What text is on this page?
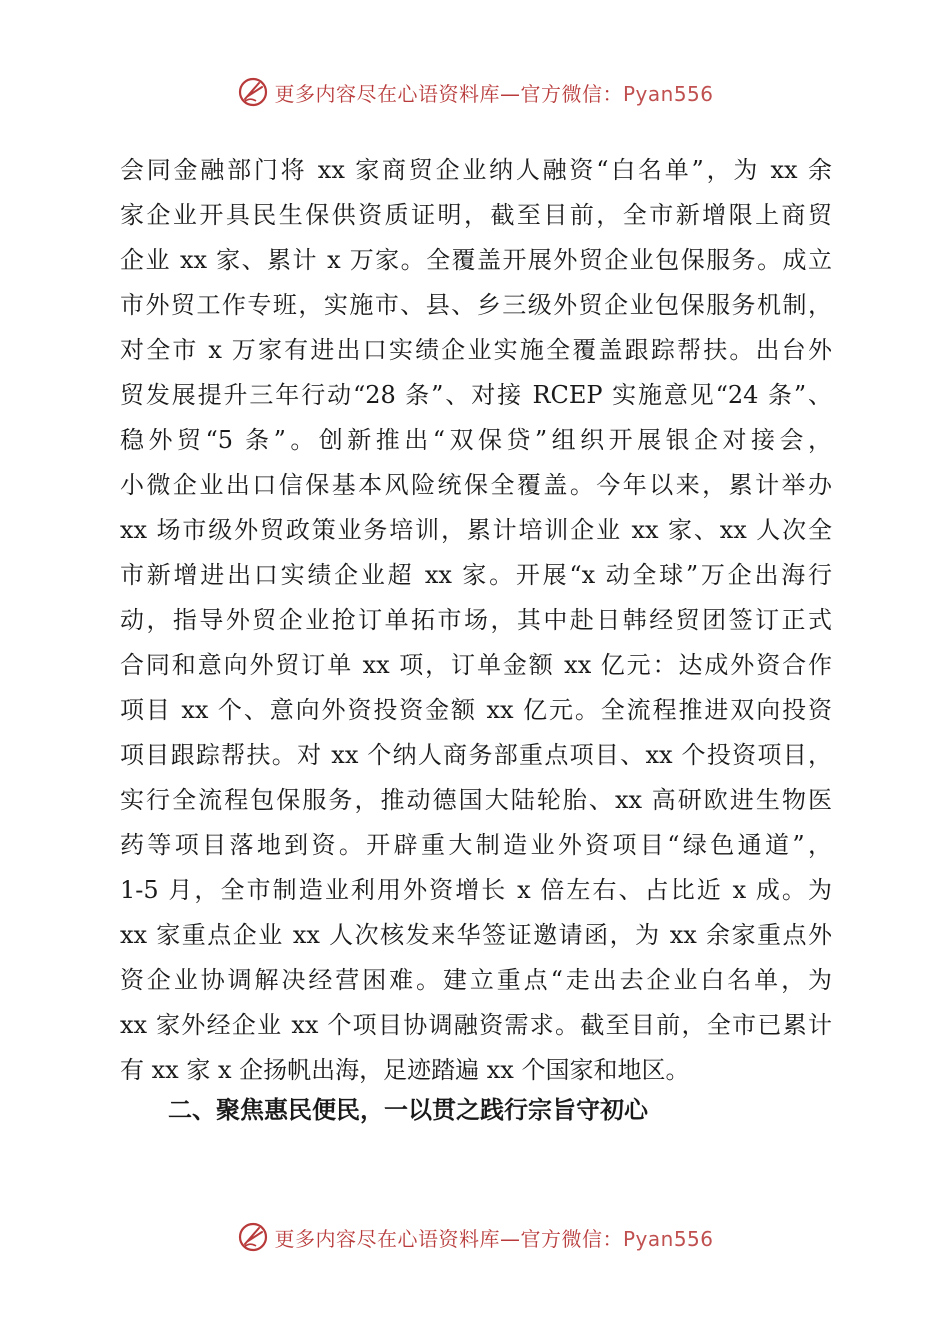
更多内容尽在心语资料库—官方微信：Pyan556
会同金融部门将 xx 家商贸企业纳人融资“白名单”，为 xx 余
家企业开具民生保供资质证明，截至目前，全市新增限上商贸
企业 xx 家、累计 x 万家。全覆盖开展外贸企业包保服务。成立
市外贸工作专班，实施市、县、乡三级外贸企业包保服务机制，
对全市 x 万家有进出口实绩企业实施全覆盖跟踪帮扶。出台外
贸发展提升三年行动“28 条”、对接 RCEP 实施意见“24 条”、
稳外贸“5 条”。创新推出“双保贷”组织开展银企对接会，
小微企业出口信保基本风险统保全覆盖。今年以来，累计举办
xx 场市级外贸政策业务培训，累计培训企业 xx 家、xx 人次全
市新增进出口实绩企业超 xx 家。开展“x 动全球”万企出海行
动，指导外贸企业抢订单拓市场，其中赴日韩经贸团签订正式
合同和意向外贸订单 xx 项，订单金额 xx 亿元：达成外资合作
项目 xx 个、意向外资投资金额 xx 亿元。全流程推进双向投资
项目跟踪帮扶。对 xx 个纳人商务部重点项目、xx 个投资项目，
实行全流程包保服务，推动德国大陆轮胎、xx 高研欧进生物医
药等项目落地到资。开辟重大制造业外资项目“绿色通道”，
1-5 月，全市制造业利用外资增长 x 倍左右、占比近 x 成。为
xx 家重点企业 xx 人次核发来华签证邀请函，为 xx 余家重点外
资企业协调解决经营困难。建立重点“走出去企业白名单，为
xx 家外经企业 xx 个项目协调融资需求。截至目前，全市已累计
有 xx 家 x 企扬帆出海，足迹踏遍 xx 个国家和地区。
二、聚焦惠民便民，一以贯之践行宗旨守初心
更多内容尽在心语资料库—官方微信：Pyan556
